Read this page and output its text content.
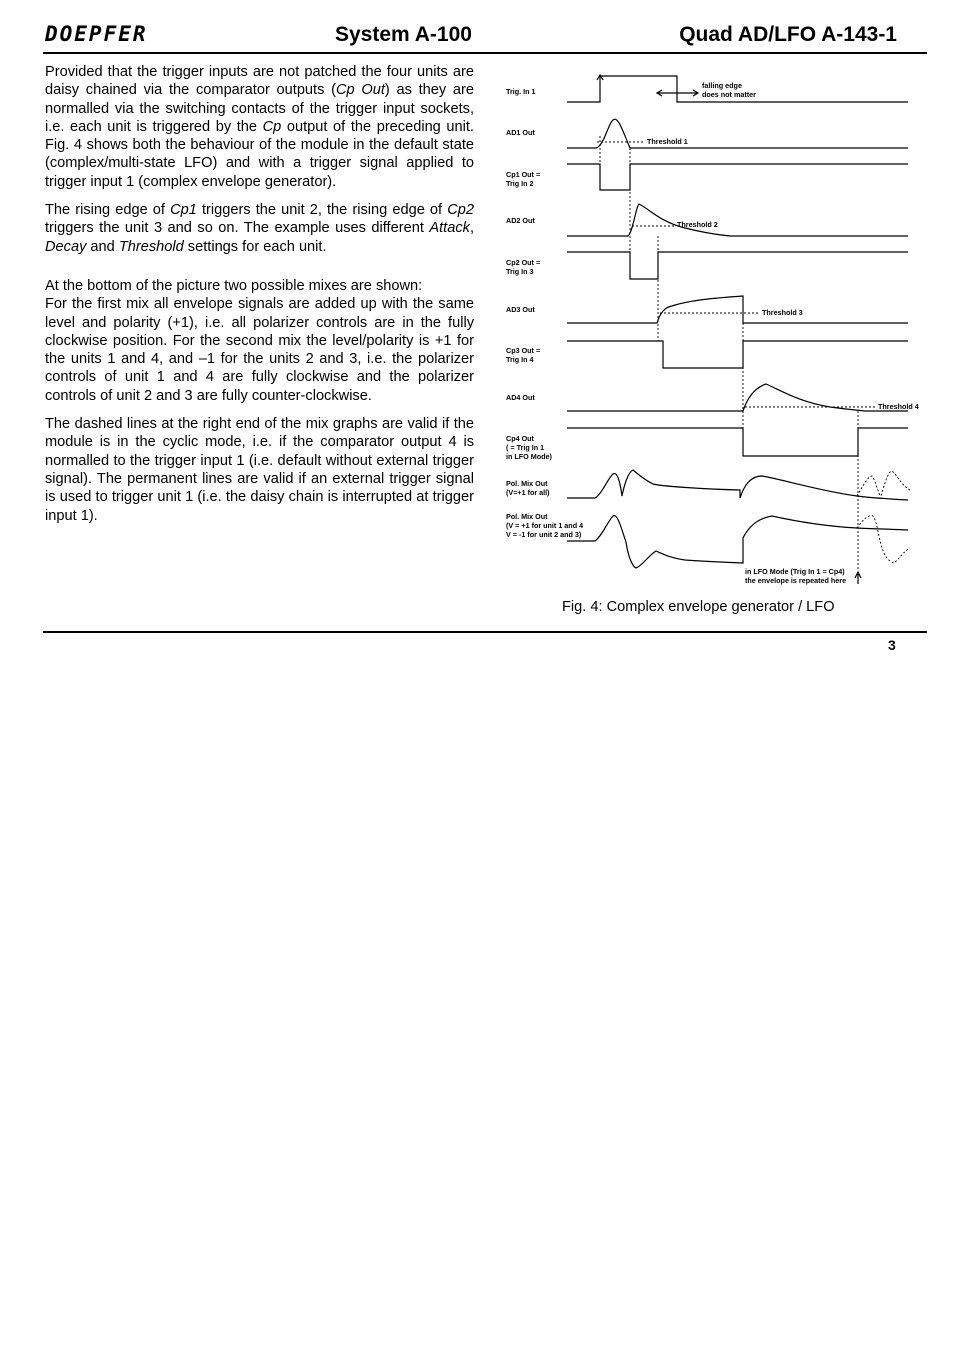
DOEPFER	System A-100	Quad AD/LFO A-143-1

Provided that the trigger inputs are not patched the four units are daisy chained via the comparator outputs (Cp Out) as they are normalled via the switching contacts of the trigger input sockets, i.e. each unit is triggered by the Cp output of the preceding unit. Fig. 4 shows both the behaviour of the module in the default state (complex/multi-state LFO) and with a trigger signal applied to trigger input 1 (complex envelope generator).

The rising edge of Cp1 triggers the unit 2, the rising edge of Cp2 triggers the unit 3 and so on. The example uses different Attack, Decay and Threshold settings for each unit.

At the bottom of the picture two possible mixes are shown:

For the first mix all envelope signals are added up with the same level and polarity (+1), i.e. all polarizer controls are in the fully clockwise position. For the second mix the level/polarity is +1 for the units 1 and 4, and –1 for the units 2 and 3, i.e. the polarizer controls of unit 1 and 4 are fully clockwise and the polarizer controls of unit 2 and 3 are fully counter-clockwise.

The dashed lines at the right end of the mix graphs are valid if the module is in the cyclic mode, i.e. if the comparator output 4 is normalled to the trigger input 1 (i.e. default without external trigger signal). The permanent lines are valid if an external trigger signal is used to trigger unit 1 (i.e. the daisy chain is interrupted at trigger input 1).

Trig. In 1
falling edge
does not matter
AD1 Out
Threshold 1
Cp1 Out =
Trig In 2
AD2 Out	Threshold 2
Cp2 Out =
Trig In 3
AD3 Out	Threshold 3
Cp3 Out =
Trig In 4
AD4 Out
Threshold 4
Cp4 Out
( = Trig In 1
in LFO Mode)
Pol. Mix Out
(V=+1 for all)
Pol. Mix Out
(V = +1 for unit 1 and 4
V = -1 for unit 2 and 3)
in LFO Mode (Trig In 1 = Cp4)
the envelope is repeated here
Fig. 4: Complex envelope generator / LFO
3
